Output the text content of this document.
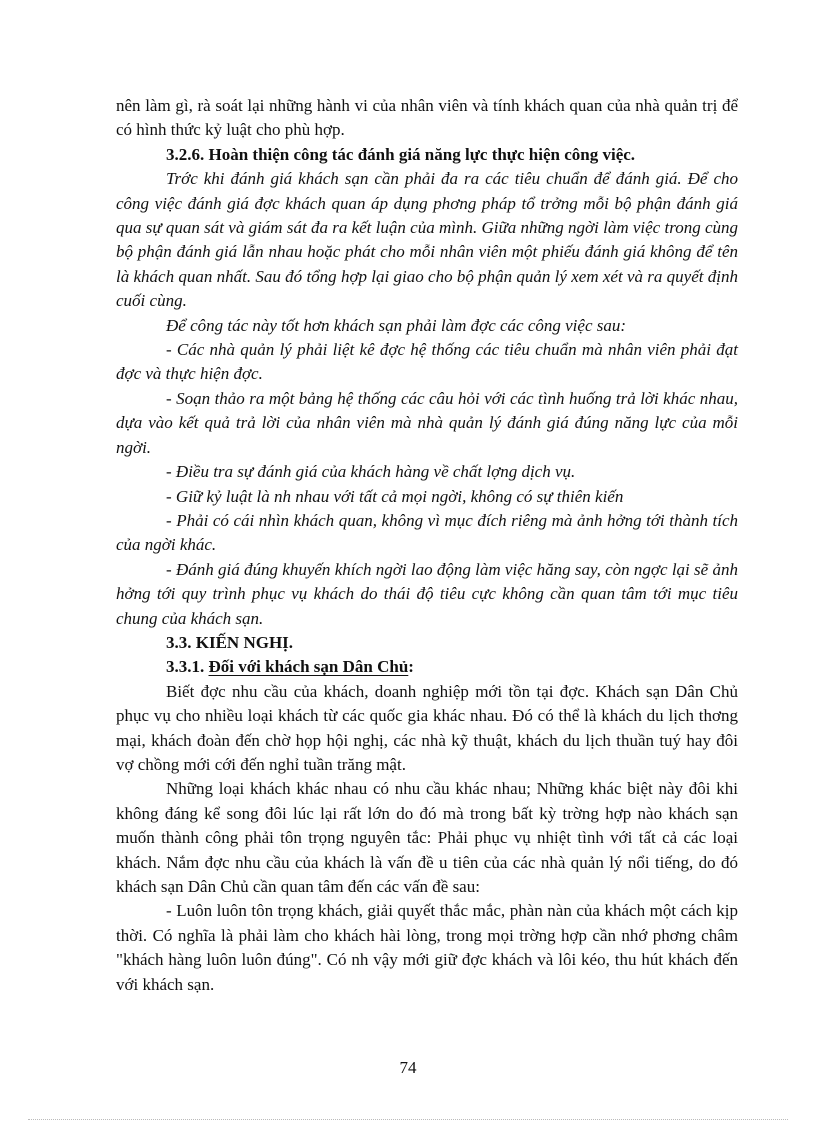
nên làm gì, rà soát lại những hành vi của nhân viên và tính khách quan của nhà quản trị để có hình thức kỷ luật cho phù hợp.

3.2.6. Hoàn thiện công tác đánh giá năng lực thực hiện công việc.

Trớc khi đánh giá khách sạn cần phải đa ra các tiêu chuẩn để đánh giá. Để cho công việc đánh giá đợc khách quan áp dụng phơng pháp tổ trởng mỗi bộ phận đánh giá qua sự quan sát và giám sát đa ra kết luận của mình. Giữa những ngời làm việc trong cùng bộ phận đánh giá lẫn nhau hoặc phát cho mỗi nhân viên một phiếu đánh giá không để tên là khách quan nhất. Sau đó tổng hợp lại giao cho bộ phận quản lý xem xét và ra quyết định cuối cùng.

Để công tác này tốt hơn khách sạn phải làm đợc các công việc sau:

- Các nhà quản lý phải liệt kê đợc hệ thống các tiêu chuẩn mà nhân viên phải đạt đợc và thực hiện đợc.

- Soạn thảo ra một bảng hệ thống các câu hỏi với các tình huống trả lời khác nhau, dựa vào kết quả trả lời của nhân viên mà nhà quản lý đánh giá đúng năng lực của mỗi ngời.

- Điều tra sự đánh giá của khách hàng về chất lợng dịch vụ.

- Giữ kỷ luật là nh nhau với tất cả mọi ngời, không có sự thiên kiến

- Phải có cái nhìn khách quan, không vì mục đích riêng mà ảnh hởng tới thành tích của ngời khác.

- Đánh giá đúng khuyến khích ngời lao động làm việc hăng say, còn ngợc lại sẽ ảnh hởng tới quy trình phục vụ khách do thái độ tiêu cực không cần quan tâm tới mục tiêu chung của khách sạn.

3.3. KIẾN NGHỊ.

3.3.1. Đối với khách sạn Dân Chủ:

Biết đợc nhu cầu của khách, doanh nghiệp mới tồn tại đợc. Khách sạn Dân Chủ phục vụ cho nhiều loại khách từ các quốc gia khác nhau. Đó có thể là khách du lịch thơng mại, khách đoàn đến chờ họp hội nghị, các nhà kỹ thuật, khách du lịch thuần tuý hay đôi vợ chồng mới cới đến nghỉ tuần trăng mật.

Những loại khách khác nhau có nhu cầu khác nhau; Những khác biệt này đôi khi không đáng kể song đôi lúc lại rất lớn do đó mà trong bất kỳ trờng hợp nào khách sạn muốn thành công phải tôn trọng nguyên tắc: Phải phục vụ nhiệt tình với tất cả các loại khách. Nắm đợc nhu cầu của khách là vấn đề u tiên của các nhà quản lý nổi tiếng, do đó khách sạn Dân Chủ cần quan tâm đến các vấn đề sau:

- Luôn luôn tôn trọng khách, giải quyết thắc mắc, phàn nàn của khách một cách kịp thời. Có nghĩa là phải làm cho khách hài lòng, trong mọi trờng hợp cần nhớ phơng châm "khách hàng luôn luôn đúng". Có nh vậy mới giữ đợc khách và lôi kéo, thu hút khách đến với khách sạn.

74
